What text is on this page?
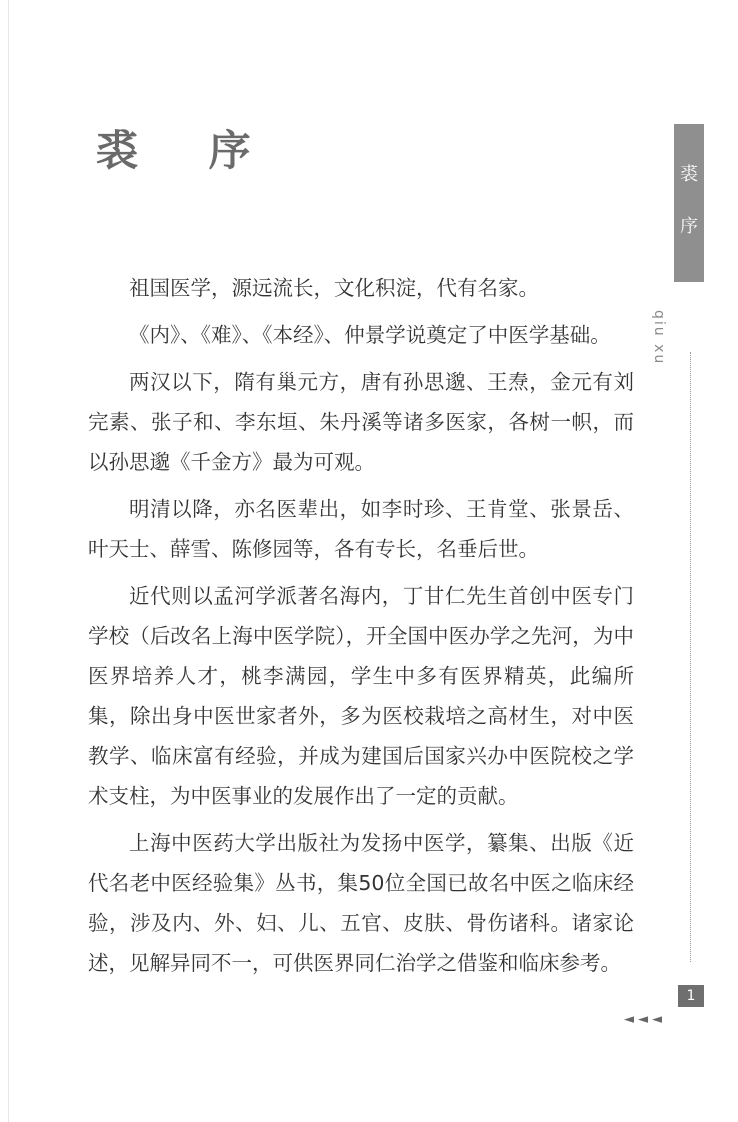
裘 序	裘
序
qiu xu

祖国医学，源远流长，文化积淀，代有名家。

《内》、《难》、《本经》、仲景学说奠定了中医学基础。

两汉以下，隋有巢元方，唐有孙思邈、王焘，金元有刘完素、张子和、李东垣、朱丹溪等诸多医家，各树一帜，而以孙思邈《千金方》最为可观。

明清以降，亦名医辈出，如李时珍、王肯堂、张景岳、叶天士、薛雪、陈修园等，各有专长，名垂后世。

近代则以孟河学派著名海内，丁甘仁先生首创中医专门学校（后改名上海中医学院），开全国中医办学之先河，为中医界培养人才，桃李满园，学生中多有医界精英，此编所集，除出身中医世家者外，多为医校栽培之高材生，对中医教学、临床富有经验，并成为建国后国家兴办中医院校之学术支柱，为中医事业的发展作出了一定的贡献。

上海中医药大学出版社为发扬中医学，纂集、出版《近代名老中医经验集》丛书，集50位全国已故名中医之临床经验，涉及内、外、妇、儿、五官、皮肤、骨伤诸科。诸家论述，见解异同不一，可供医界同仁治学之借鉴和临床参考。

1
◄◄◄
